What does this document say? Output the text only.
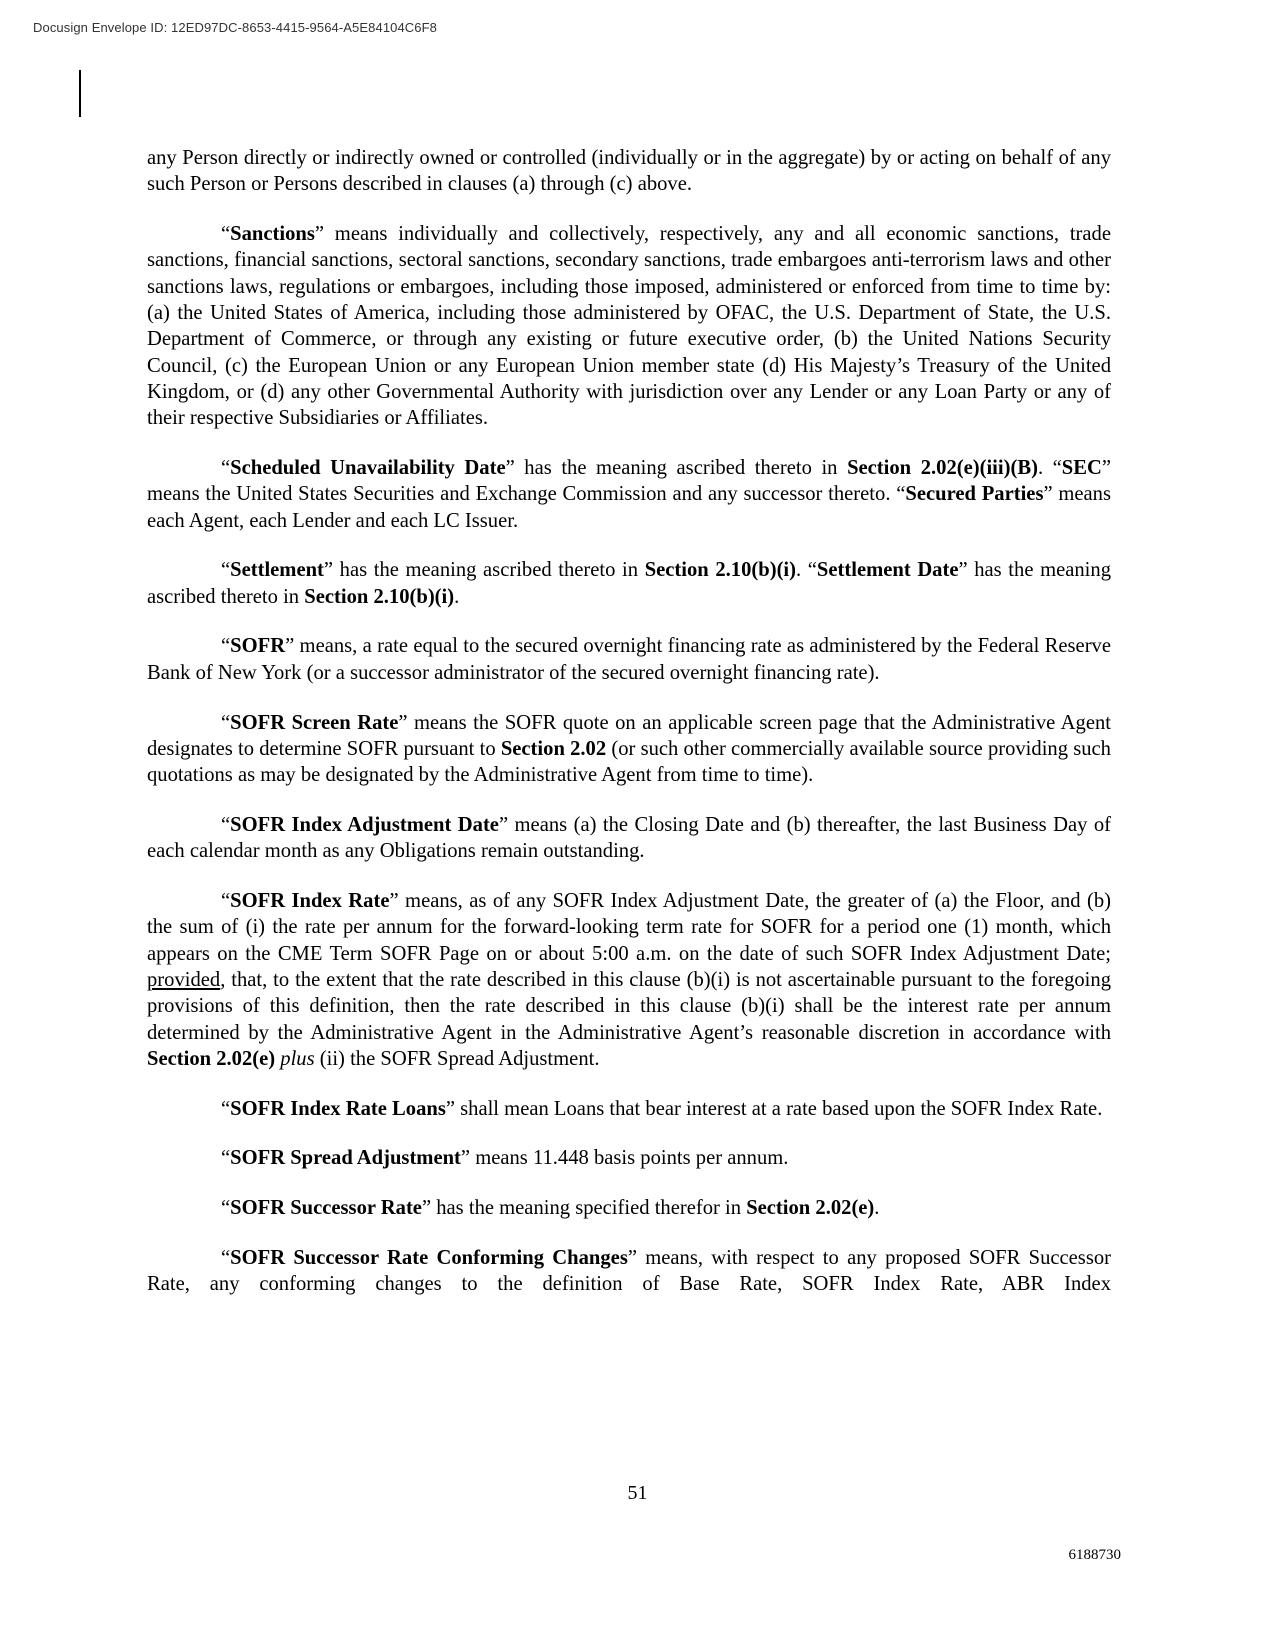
Docusign Envelope ID: 12ED97DC-8653-4415-9564-A5E84104C6F8

any Person directly or indirectly owned or controlled (individually or in the aggregate) by or acting on behalf of any such Person or Persons described in clauses (a) through (c) above.

“Sanctions” means individually and collectively, respectively, any and all economic sanctions, trade sanctions, financial sanctions, sectoral sanctions, secondary sanctions, trade embargoes anti-terrorism laws and other sanctions laws, regulations or embargoes, including those imposed, administered or enforced from time to time by: (a) the United States of America, including those administered by OFAC, the U.S. Department of State, the U.S. Department of Commerce, or through any existing or future executive order, (b) the United Nations Security Council, (c) the European Union or any European Union member state (d) His Majesty’s Treasury of the United Kingdom, or (d) any other Governmental Authority with jurisdiction over any Lender or any Loan Party or any of their respective Subsidiaries or Affiliates.

“Scheduled Unavailability Date” has the meaning ascribed thereto in Section 2.02(e)(iii)(B). “SEC” means the United States Securities and Exchange Commission and any successor thereto. “Secured Parties” means each Agent, each Lender and each LC Issuer.

“Settlement” has the meaning ascribed thereto in Section 2.10(b)(i). “Settlement Date” has the meaning ascribed thereto in Section 2.10(b)(i).

“SOFR” means, a rate equal to the secured overnight financing rate as administered by the Federal Reserve Bank of New York (or a successor administrator of the secured overnight financing rate).

“SOFR Screen Rate” means the SOFR quote on an applicable screen page that the Administrative Agent designates to determine SOFR pursuant to Section 2.02 (or such other commercially available source providing such quotations as may be designated by the Administrative Agent from time to time).

“SOFR Index Adjustment Date” means (a) the Closing Date and (b) thereafter, the last Business Day of each calendar month as any Obligations remain outstanding.

“SOFR Index Rate” means, as of any SOFR Index Adjustment Date, the greater of (a) the Floor, and (b) the sum of (i) the rate per annum for the forward-looking term rate for SOFR for a period one (1) month, which appears on the CME Term SOFR Page on or about 5:00 a.m. on the date of such SOFR Index Adjustment Date; provided, that, to the extent that the rate described in this clause (b)(i) is not ascertainable pursuant to the foregoing provisions of this definition, then the rate described in this clause (b)(i) shall be the interest rate per annum determined by the Administrative Agent in the Administrative Agent’s reasonable discretion in accordance with Section 2.02(e) plus (ii) the SOFR Spread Adjustment.

“SOFR Index Rate Loans” shall mean Loans that bear interest at a rate based upon the SOFR Index Rate.

“SOFR Spread Adjustment” means 11.448 basis points per annum.

“SOFR Successor Rate” has the meaning specified therefor in Section 2.02(e).

“SOFR Successor Rate Conforming Changes” means, with respect to any proposed SOFR Successor Rate, any conforming changes to the definition of Base Rate, SOFR Index Rate, ABR Index

51
6188730
